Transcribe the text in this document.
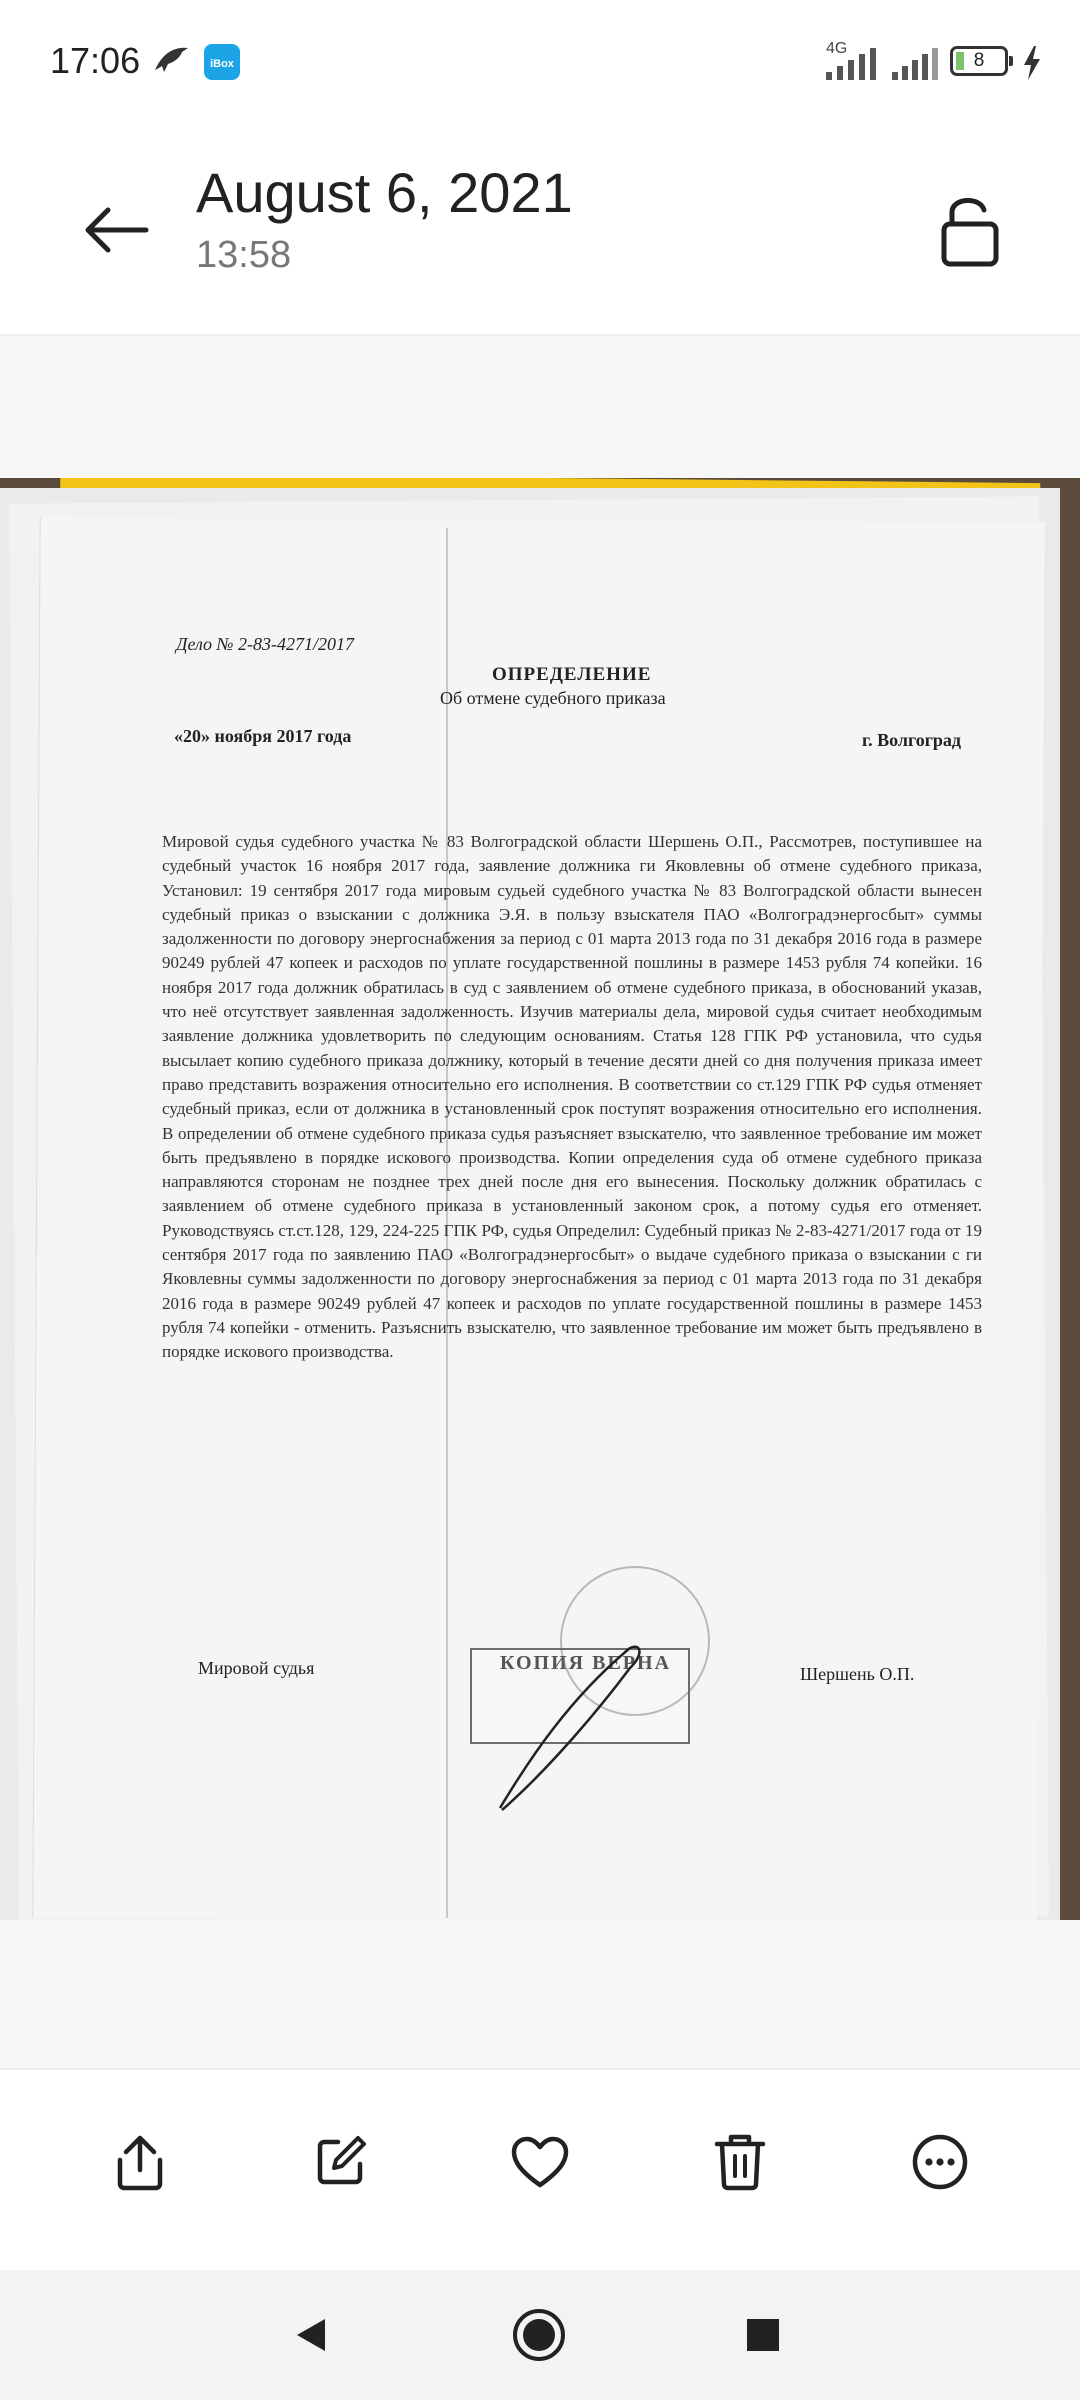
17:06	iBox
4G
8
August 6, 2021
13:58
Дело № 2-83-4271/2017
ОПРЕДЕЛЕНИЕ
Об отмене судебного приказа
«20» ноября 2017 года	г. Волгоград
Мировой судья судебного участка № 83 Волгоградской области Шершень О.П., Рассмотрев, поступившее на судебный участок 16 ноября 2017 года, заявление должника ги Яковлевны об отмене судебного приказа, Установил: 19 сентября 2017 года мировым судьей судебного участка № 83 Волгоградской области вынесен судебный приказ о взыскании с должника Э.Я. в пользу взыскателя ПАО «Волгоградэнергосбыт» суммы задолженности по договору энергоснабжения за период с 01 марта 2013 года по 31 декабря 2016 года в размере 90249 рублей 47 копеек и расходов по уплате государственной пошлины в размере 1453 рубля 74 копейки. 16 ноября 2017 года должник обратилась в суд с заявлением об отмене судебного приказа, в обоснований указав, что неё отсутствует заявленная задолженность. Изучив материалы дела, мировой судья считает необходимым заявление должника удовлетворить по следующим основаниям. Статья 128 ГПК РФ установила, что судья высылает копию судебного приказа должнику, который в течение десяти дней со дня получения приказа имеет право представить возражения относительно его исполнения. В соответствии со ст.129 ГПК РФ судья отменяет судебный приказ, если от должника в установленный срок поступят возражения относительно его исполнения. В определении об отмене судебного приказа судья разъясняет взыскателю, что заявленное требование им может быть предъявлено в порядке искового производства. Копии определения суда об отмене судебного приказа направляются сторонам не позднее трех дней после дня его вынесения. Поскольку должник обратилась с заявлением об отмене судебного приказа в установленный законом срок, а потому судья его отменяет. Руководствуясь ст.ст.128, 129, 224-225 ГПК РФ, судья Определил: Судебный приказ № 2-83-4271/2017 года от 19 сентября 2017 года по заявлению ПАО «Волгоградэнергосбыт» о выдаче судебного приказа о взыскании с ги Яковлевны суммы задолженности по договору энергоснабжения за период с 01 марта 2013 года по 31 декабря 2016 года в размере 90249 рублей 47 копеек и расходов по уплате государственной пошлины в размере 1453 рубля 74 копейки - отменить. Разъяснить взыскателю, что заявленное требование им может быть предъявлено в порядке искового производства.
Мировой судья	Шершень О.П.
КОПИЯ ВЕРНА
